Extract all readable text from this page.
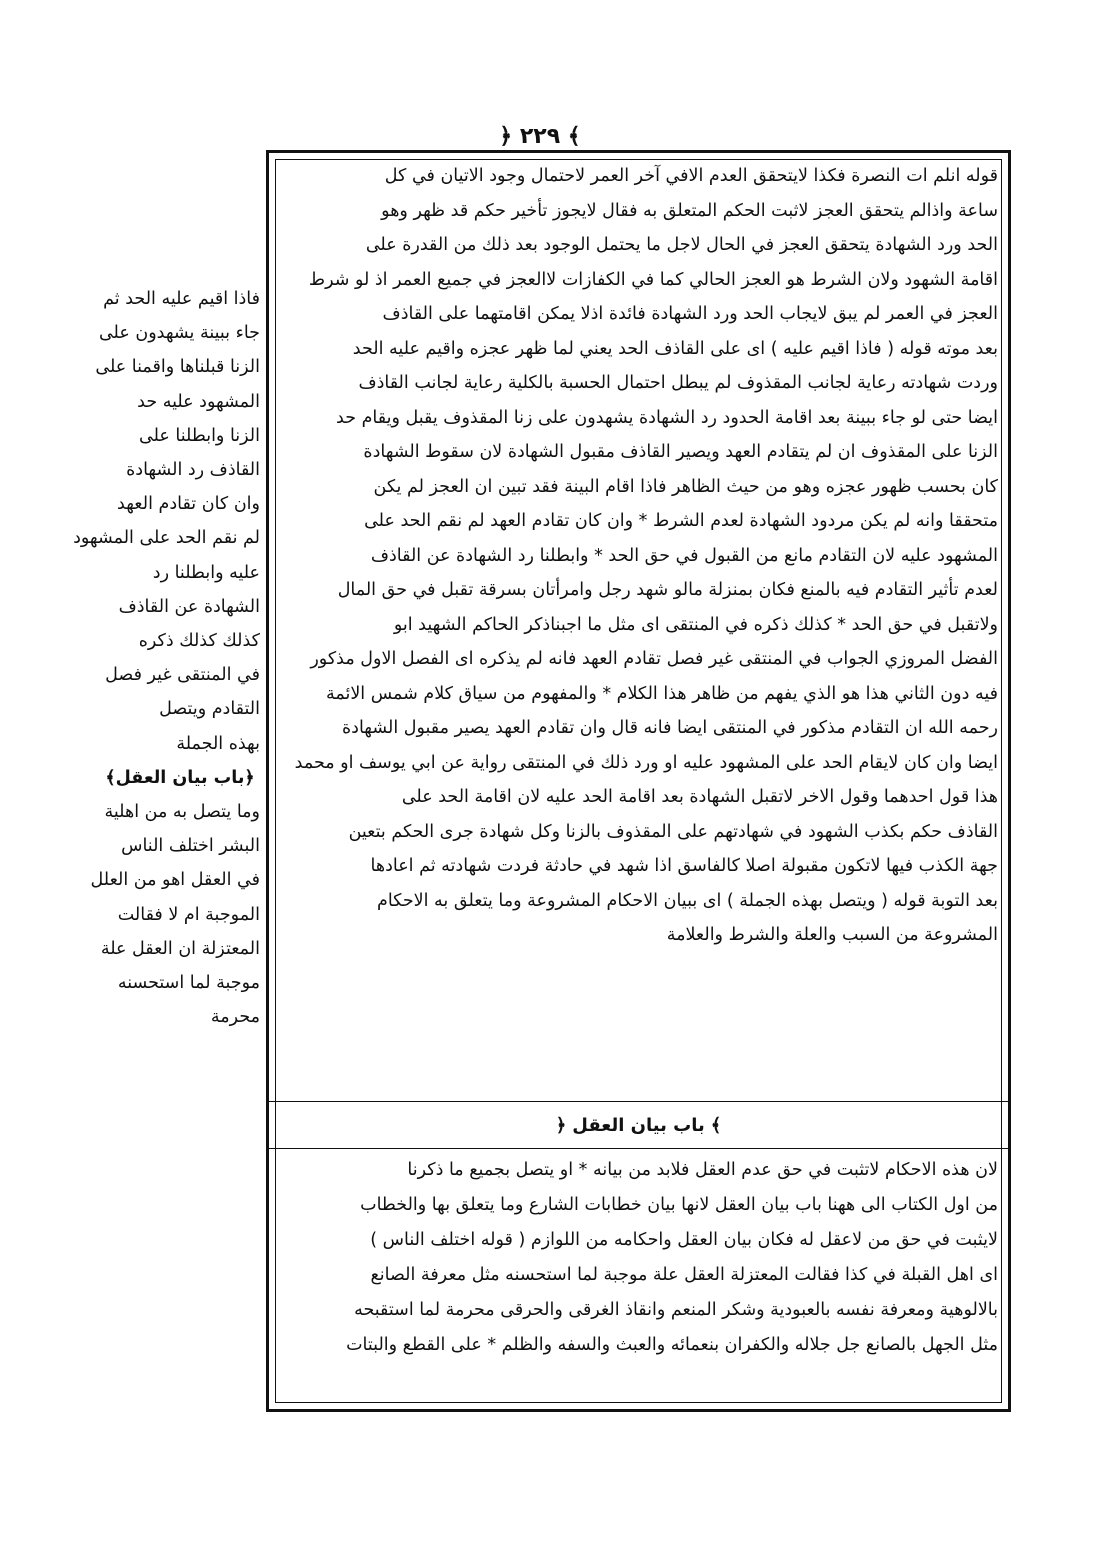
﴿ ٢٢٩ ﴾
فاذا اقيم عليه الحد ثم
جاء ببينة يشهدون على
الزنا قبلناها واقمنا على
المشهود عليه حد
الزنا وابطلنا على
القاذف رد الشهادة
وان كان تقادم العهد
لم نقم الحد على المشهود
عليه وابطلنا رد
الشهادة عن القاذف
كذلك كذلك ذكره
في المنتقى غير فصل
التقادم ويتصل
بهذه الجملة
﴿باب بيان العقل﴾
وما يتصل به من اهلية
البشر اختلف الناس
في العقل اهو من العلل
الموجبة ام لا فقالت
المعتزلة ان العقل علة
موجبة لما استحسنه
محرمة
قوله انلم ات النصرة فكذا لايتحقق العدم الافي آخر العمر لاحتمال وجود الاتيان في كل
ساعة واذالم يتحقق العجز لاثبت الحكم المتعلق به فقال لايجوز تأخير حكم قد ظهر وهو
الحد ورد الشهادة يتحقق العجز في الحال لاجل ما يحتمل الوجود بعد ذلك من القدرة على
اقامة الشهود ولان الشرط هو العجز الحالي كما في الكفازات لاالعجز في جميع العمر اذ لو شرط
العجز في العمر لم يبق لايجاب الحد ورد الشهادة فائدة اذلا يمكن اقامتهما على القاذف
بعد موته قوله ( فاذا اقيم عليه ) اى على القاذف الحد يعني لما ظهر عجزه واقيم عليه الحد
وردت شهادته رعاية لجانب المقذوف لم يبطل احتمال الحسبة بالكلية رعاية لجانب القاذف
ايضا حتى لو جاء ببينة بعد اقامة الحدود رد الشهادة يشهدون على زنا المقذوف يقبل ويقام حد
الزنا على المقذوف ان لم يتقادم العهد ويصير القاذف مقبول الشهادة لان سقوط الشهادة
كان بحسب ظهور عجزه وهو من حيث الظاهر فاذا اقام البينة فقد تبين ان العجز لم يكن
متحققا وانه لم يكن مردود الشهادة لعدم الشرط * وان كان تقادم العهد لم نقم الحد على
المشهود عليه لان التقادم مانع من القبول في حق الحد * وابطلنا رد الشهادة عن القاذف
لعدم تأثير التقادم فيه بالمنع فكان بمنزلة مالو شهد رجل وامرأتان بسرقة تقبل في حق المال
ولاتقبل في حق الحد * كذلك ذكره في المنتقى اى مثل ما اجبناذكر الحاكم الشهيد ابو
الفضل المروزي الجواب في المنتقى غير فصل تقادم العهد فانه لم يذكره اى الفصل الاول مذكور
فيه دون الثاني هذا هو الذي يفهم من ظاهر هذا الكلام * والمفهوم من سياق كلام شمس الائمة
رحمه الله ان التقادم مذكور في المنتقى ايضا فانه قال وان تقادم العهد يصير مقبول الشهادة
ايضا وان كان لايقام الحد على المشهود عليه او ورد ذلك في المنتقى رواية عن ابي يوسف او محمد
هذا قول احدهما وقول الاخر لاتقبل الشهادة بعد اقامة الحد عليه لان اقامة الحد على
القاذف حكم بكذب الشهود في شهادتهم على المقذوف بالزنا وكل شهادة جرى الحكم بتعين
جهة الكذب فيها لاتكون مقبولة اصلا كالفاسق اذا شهد في حادثة فردت شهادته ثم اعادها
بعد التوبة قوله ( ويتصل بهذه الجملة ) اى ببيان الاحكام المشروعة وما يتعلق به الاحكام
المشروعة من السبب والعلة والشرط والعلامة
﴾
باب بيان العقل
﴿
لان هذه الاحكام لاتثبت في حق عدم العقل فلابد من بيانه * او يتصل بجميع ما ذكرنا
من اول الكتاب الى ههنا باب بيان العقل لانها بيان خطابات الشارع وما يتعلق بها والخطاب
لايثبت في حق من لاعقل له فكان بيان العقل واحكامه من اللوازم ( قوله اختلف الناس )
اى اهل القبلة في كذا فقالت المعتزلة العقل علة موجبة لما استحسنه مثل معرفة الصانع
بالالوهية ومعرفة نفسه بالعبودية وشكر المنعم وانقاذ الغرقى والحرقى محرمة لما استقبحه
مثل الجهل بالصانع جل جلاله والكفران بنعمائه والعبث والسفه والظلم * على القطع والبتات
